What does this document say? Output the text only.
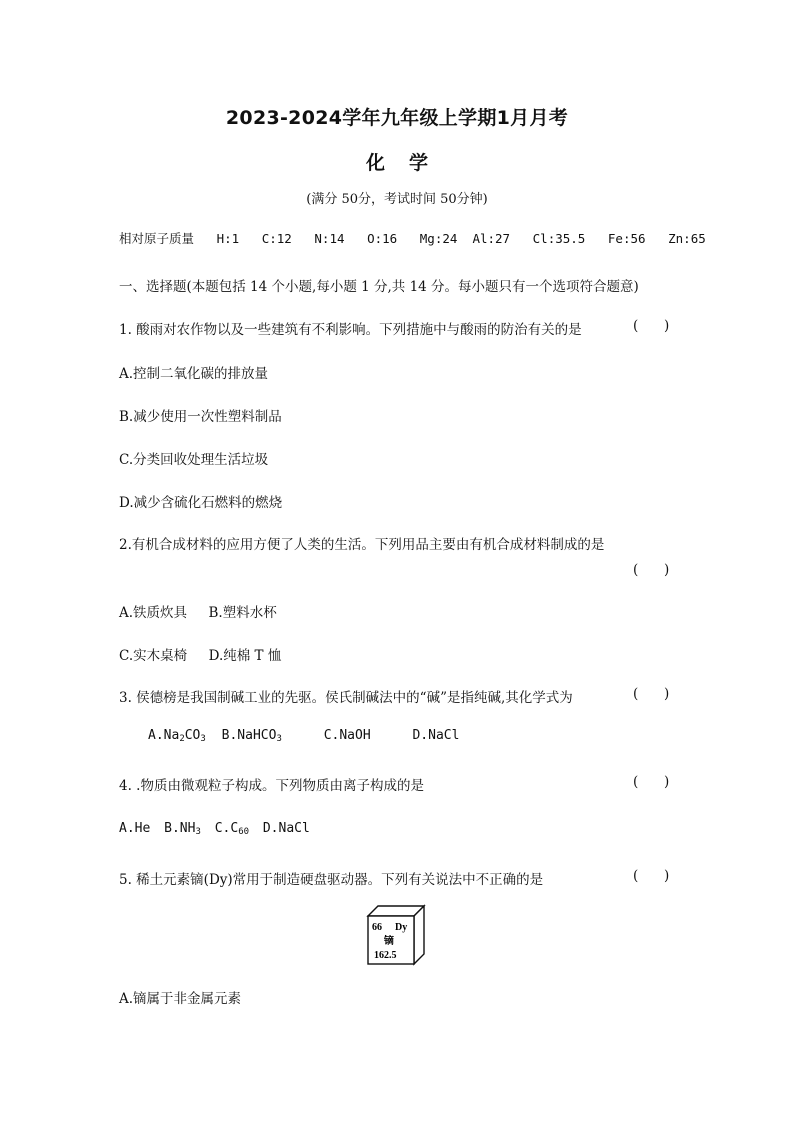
2023-2024学年九年级上学期1月月考
化学
(满分 50分，考试时间 50分钟)
相对原子质量   H:1   C:12   N:14   O:16   Mg:24  Al:27   Cl:35.5   Fe:56   Zn:65
一、选择题(本题包括 14 个小题,每小题 1 分,共 14 分。每小题只有一个选项符合题意)
1. 酸雨对农作物以及一些建筑有不利影响。下列措施中与酸雨的防治有关的是	(      )
A.控制二氧化碳的排放量
B.减少使用一次性塑料制品
C.分类回收处理生活垃圾
D.减少含硫化石燃料的燃烧
2.有机合成材料的应用方便了人类的生活。下列用品主要由有机合成材料制成的是
(      )
A.铁质炊具     B.塑料水杯
C.实木桌椅     D.纯棉 T 恤
3. 侯德榜是我国制碱工业的先驱。侯氏制碱法中的“碱”是指纯碱,其化学式为	(      )
$A.Na_2CO_3$ B.NaHCO$_3$	C.NaOH	D.NaCl
4. .物质由微观粒子构成。下列物质由离子构成的是	(      )
A.He $B.NH_3$ $C.C_{60}$ D.NaCl
5. 稀土元素镝(Dy)常用于制造硬盘驱动器。下列有关说法中不正确的是	(      )
66 Dy
镝
162.5
A.镝属于非金属元素
